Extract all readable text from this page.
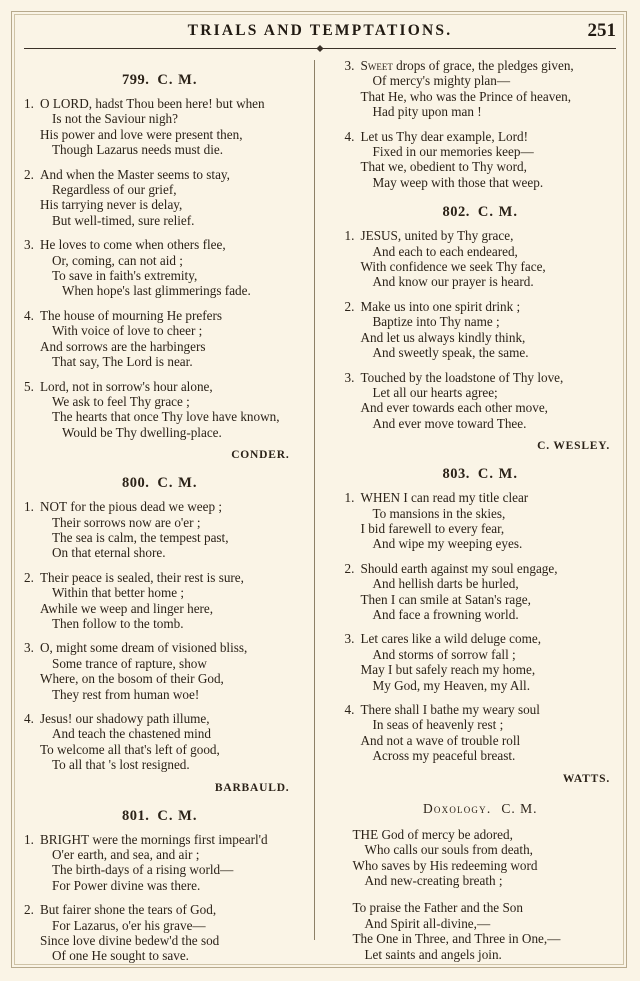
TRIALS AND TEMPTATIONS.	251
799. C. M.
1. O LORD, hadst Thou been here! but when
Is not the Saviour nigh?
His power and love were present then,
Though Lazarus needs must die.
2. And when the Master seems to stay,
Regardless of our grief,
His tarrying never is delay,
But well-timed, sure relief.
3. He loves to come when others flee,
Or, coming, can not aid ;
To save in faith's extremity,
When hope's last glimmerings fade.
4. The house of mourning He prefers
With voice of love to cheer ;
And sorrows are the harbingers
That say, The Lord is near.
5. Lord, not in sorrow's hour alone,
We ask to feel Thy grace ;
The hearts that once Thy love have known,
Would be Thy dwelling-place.
CONDER.
800. C. M.
1. NOT for the pious dead we weep ;
Their sorrows now are o'er ;
The sea is calm, the tempest past,
On that eternal shore.
2. Their peace is sealed, their rest is sure,
Within that better home ;
Awhile we weep and linger here,
Then follow to the tomb.
3. O, might some dream of visioned bliss,
Some trance of rapture, show
Where, on the bosom of their God,
They rest from human woe!
4. Jesus! our shadowy path illume,
And teach the chastened mind
To welcome all that's left of good,
To all that 's lost resigned.
BARBAULD.
801. C. M.
1. BRIGHT were the mornings first impearl'd
O'er earth, and sea, and air ;
The birth-days of a rising world—
For Power divine was there.
2. But fairer shone the tears of God,
For Lazarus, o'er his grave—
Since love divine bedew'd the sod
Of one He sought to save.
3. Sweet drops of grace, the pledges given,
Of mercy's mighty plan—
That He, who was the Prince of heaven,
Had pity upon man !
4. Let us Thy dear example, Lord!
Fixed in our memories keep—
That we, obedient to Thy word,
May weep with those that weep.
802. C. M.
1. JESUS, united by Thy grace,
And each to each endeared,
With confidence we seek Thy face,
And know our prayer is heard.
2. Make us into one spirit drink ;
Baptize into Thy name ;
And let us always kindly think,
And sweetly speak, the same.
3. Touched by the loadstone of Thy love,
Let all our hearts agree;
And ever towards each other move,
And ever move toward Thee.
C. WESLEY.
803. C. M.
1. WHEN I can read my title clear
To mansions in the skies,
I bid farewell to every fear,
And wipe my weeping eyes.
2. Should earth against my soul engage,
And hellish darts be hurled,
Then I can smile at Satan's rage,
And face a frowning world.
3. Let cares like a wild deluge come,
And storms of sorrow fall ;
May I but safely reach my home,
My God, my Heaven, my All.
4. There shall I bathe my weary soul
In seas of heavenly rest ;
And not a wave of trouble roll
Across my peaceful breast.
WATTS.
Doxology. C. M.
THE God of mercy be adored,
Who calls our souls from death,
Who saves by His redeeming word
And new-creating breath ;
To praise the Father and the Son
And Spirit all-divine,—
The One in Three, and Three in One,—
Let saints and angels join.
